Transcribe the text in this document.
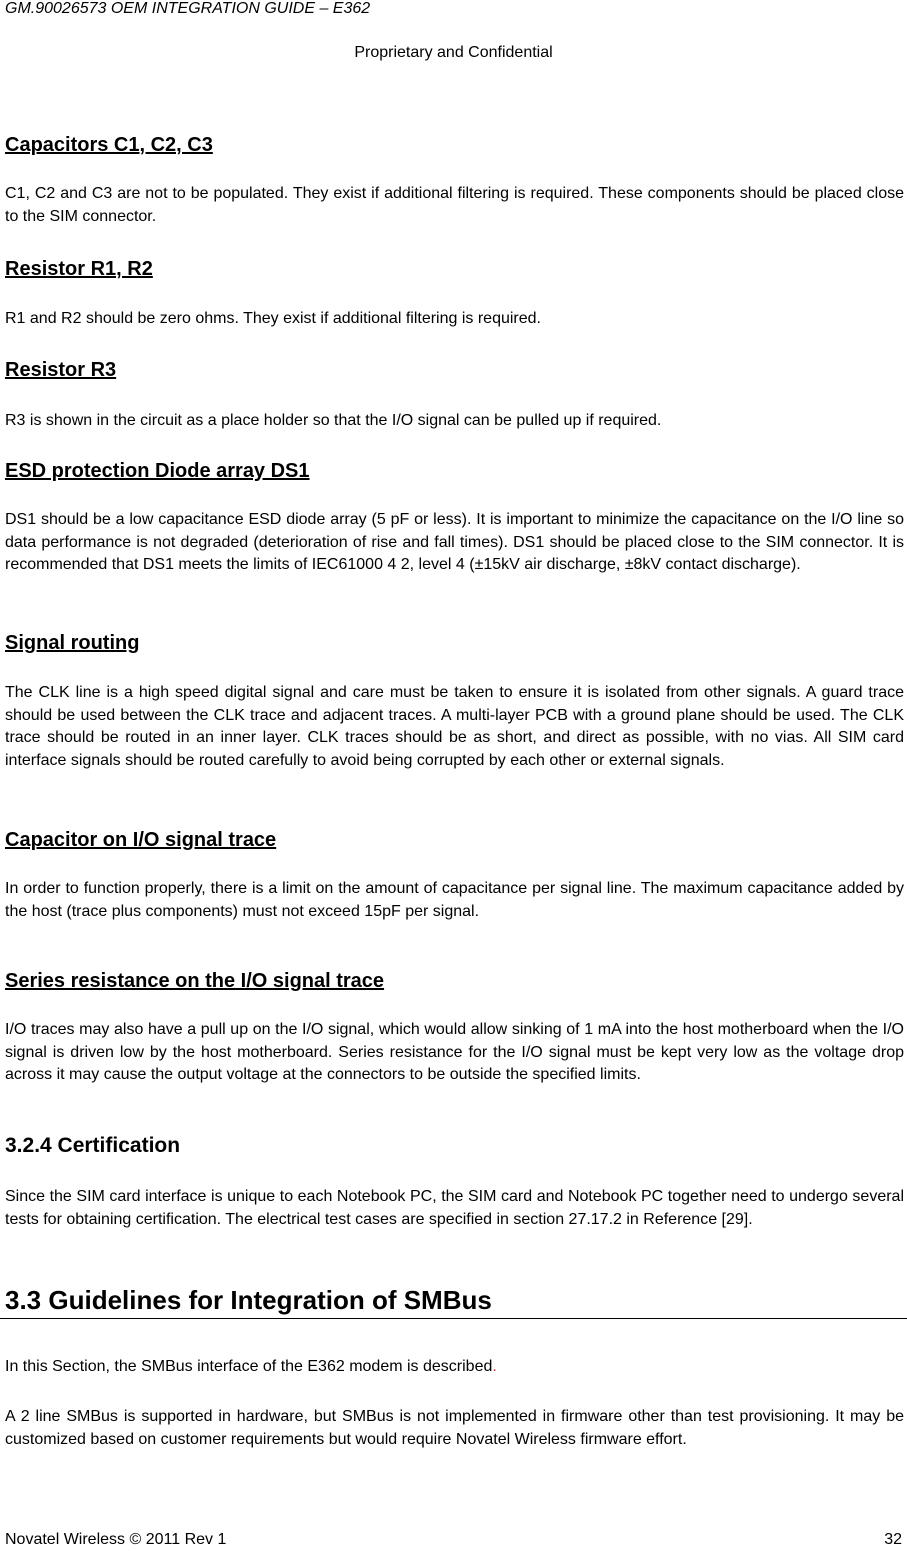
GM.90026573 OEM INTEGRATION GUIDE – E362
Proprietary and Confidential
Capacitors C1, C2, C3

C1, C2 and C3 are not to be populated. They exist if additional filtering is required. These components should be placed close to the SIM connector.

Resistor R1, R2

R1 and R2 should be zero ohms. They exist if additional filtering is required.

Resistor R3

R3 is shown in the circuit as a place holder so that the I/O signal can be pulled up if required.

ESD protection Diode array DS1

DS1 should be a low capacitance ESD diode array (5 pF or less). It is important to minimize the capacitance on the I/O line so data performance is not degraded (deterioration of rise and fall times). DS1 should be placed close to the SIM connector. It is recommended that DS1 meets the limits of IEC61000 4 2, level 4 (±15kV air discharge, ±8kV contact discharge).

Signal routing

The CLK line is a high speed digital signal and care must be taken to ensure it is isolated from other signals. A guard trace should be used between the CLK trace and adjacent traces. A multi-layer PCB with a ground plane should be used. The CLK trace should be routed in an inner layer. CLK traces should be as short, and direct as possible, with no vias. All SIM card interface signals should be routed carefully to avoid being corrupted by each other or external signals.

Capacitor on I/O signal trace

In order to function properly, there is a limit on the amount of capacitance per signal line. The maximum capacitance added by the host (trace plus components) must not exceed 15pF per signal.

Series resistance on the I/O signal trace

I/O traces may also have a pull up on the I/O signal, which would allow sinking of 1 mA into the host motherboard when the I/O signal is driven low by the host motherboard. Series resistance for the I/O signal must be kept very low as the voltage drop across it may cause the output voltage at the connectors to be outside the specified limits.

3.2.4 Certification

Since the SIM card interface is unique to each Notebook PC, the SIM card and Notebook PC together need to undergo several tests for obtaining certification. The electrical test cases are specified in section 27.17.2 in Reference [29].

3.3 Guidelines for Integration of SMBus

In this Section, the SMBus interface of the E362 modem is described.

A 2 line SMBus is supported in hardware, but SMBus is not implemented in firmware other than test provisioning. It may be customized based on customer requirements but would require Novatel Wireless firmware effort.

Novatel Wireless © 2011 Rev 1	32
